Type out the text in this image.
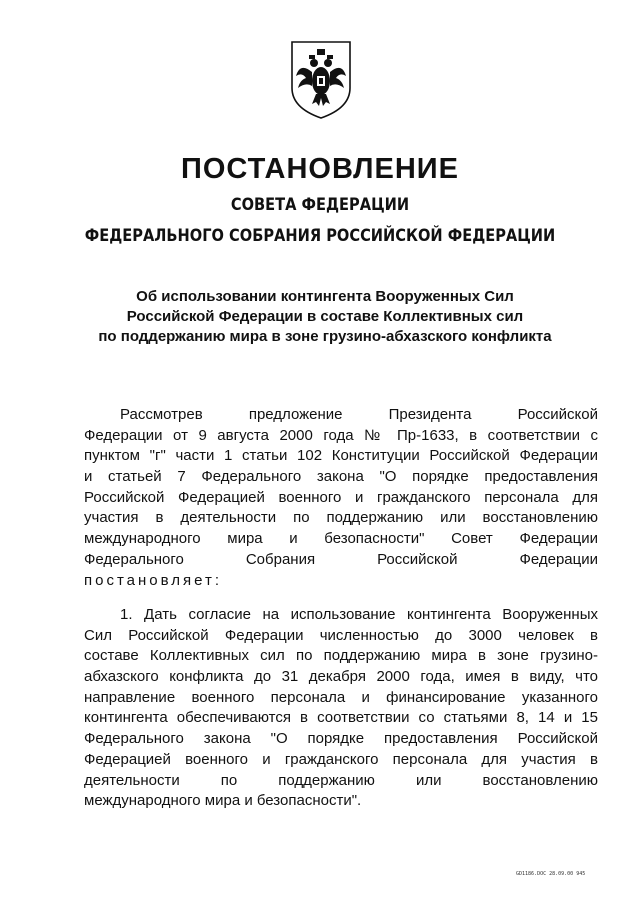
ПОСТАНОВЛЕНИЕ
СОВЕТА ФЕДЕРАЦИИ
ФЕДЕРАЛЬНОГО СОБРАНИЯ РОССИЙСКОЙ ФЕДЕРАЦИИ
Об использовании контингента Вооруженных Сил
Российской Федерации в составе Коллективных сил
по поддержанию мира в зоне грузино-абхазского конфликта
Рассмотрев предложение Президента Российской
Федерации от 9 августа 2000 года № Пр-1633, в соответствии с
пунктом "г" части 1 статьи 102 Конституции Российской Федерации
и статьей 7 Федерального закона "О порядке предоставления
Российской Федерацией военного и гражданского персонала для
участия в деятельности по поддержанию или восстановлению
международного мира и безопасности" Совет Федерации
Федерального Собрания Российской Федерации
постановляет:
1. Дать согласие на использование контингента Вооруженных
Сил Российской Федерации численностью до 3000 человек в
составе Коллективных сил по поддержанию мира в зоне грузино-
абхазского конфликта до 31 декабря 2000 года, имея в виду, что
направление военного персонала и финансирование указанного
контингента обеспечиваются в соответствии со статьями 8, 14 и 15
Федерального закона "О порядке предоставления Российской
Федерацией военного и гражданского персонала для участия в
деятельности по поддержанию или восстановлению
международного мира и безопасности".
GD1186.DOC 28.09.00 945
